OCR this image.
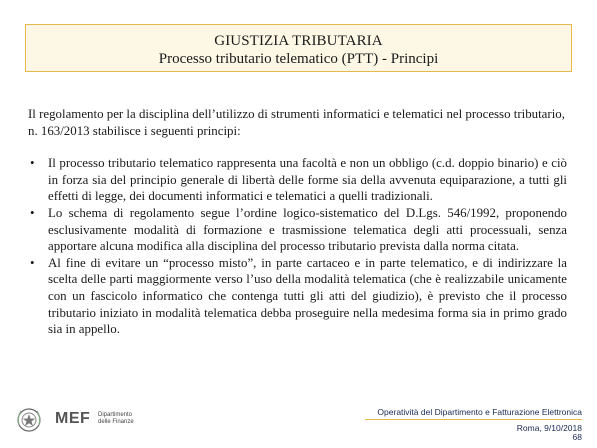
GIUSTIZIA TRIBUTARIA
Processo tributario telematico (PTT) - Principi

Il regolamento per la disciplina dell’utilizzo di strumenti informatici e telematici nel processo tributario, n. 163/2013 stabilisce i seguenti principi:

• Il processo tributario telematico rappresenta una facoltà e non un obbligo (c.d. doppio binario) e ciò in forza sia del principio generale di libertà delle forme sia della avvenuta equiparazione, a tutti gli effetti di legge, dei documenti informatici e telematici a quelli tradizionali.
• Lo schema di regolamento segue l’ordine logico-sistematico del D.Lgs. 546/1992, proponendo esclusivamente modalità di formazione e trasmissione telematica degli atti processuali, senza apportare alcuna modifica alla disciplina del processo tributario prevista dalla norma citata.
• Al fine di evitare un “processo misto”, in parte cartaceo e in parte telematico, e di indirizzare la scelta delle parti maggiormente verso l’uso della modalità telematica (che è realizzabile unicamente con un fascicolo informatico che contenga tutti gli atti del giudizio), è previsto che il processo tributario iniziato in modalità telematica debba proseguire nella medesima forma sia in primo grado sia in appello.
MEF Dipartimento
delle Finanze
Operatività del Dipartimento e Fatturazione Elettronica
Roma, 9/10/2018
68
